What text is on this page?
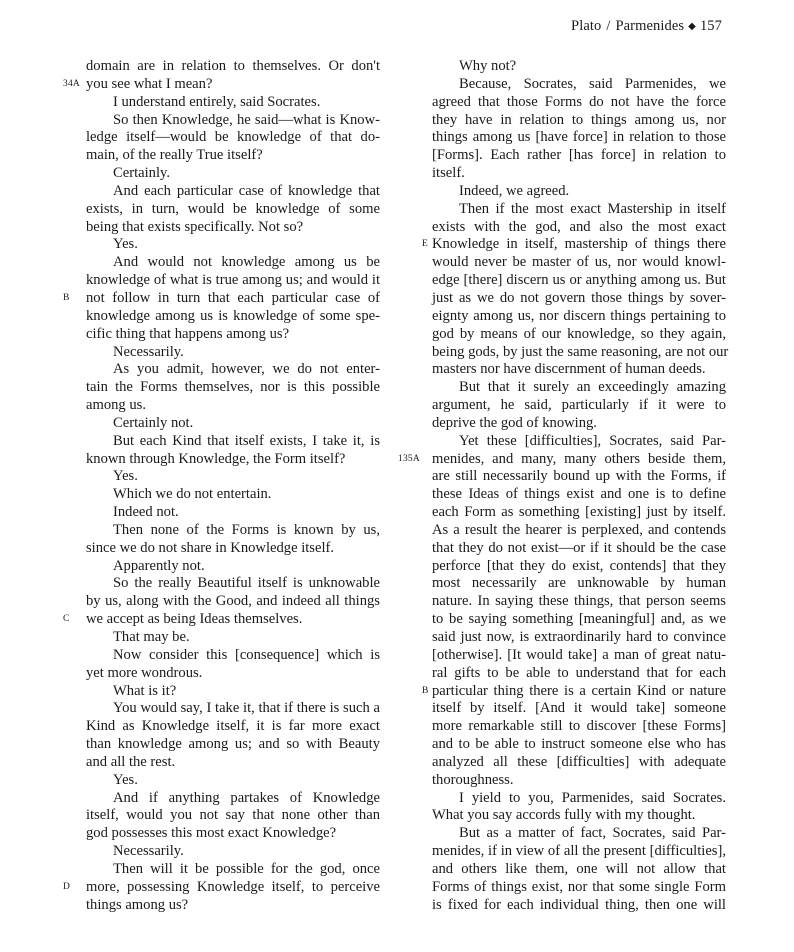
Plato / Parmenides ◆ 157
domain are in relation to themselves. Or don't
34A you see what I mean?
I understand entirely, said Socrates.
So then Knowledge, he said—what is Know-
ledge itself—would be knowledge of that do-
main, of the really True itself?
Certainly.
And each particular case of knowledge that
exists, in turn, would be knowledge of some
being that exists specifically. Not so?
Yes.
And would not knowledge among us be
knowledge of what is true among us; and would it
B not follow in turn that each particular case of
knowledge among us is knowledge of some spe-
cific thing that happens among us?
Necessarily.
As you admit, however, we do not enter-
tain the Forms themselves, nor is this possible
among us.
Certainly not.
But each Kind that itself exists, I take it, is
known through Knowledge, the Form itself?
Yes.
Which we do not entertain.
Indeed not.
Then none of the Forms is known by us,
since we do not share in Knowledge itself.
Apparently not.
So the really Beautiful itself is unknowable
by us, along with the Good, and indeed all things
C we accept as being Ideas themselves.
That may be.
Now consider this [consequence] which is
yet more wondrous.
What is it?
You would say, I take it, that if there is such a
Kind as Knowledge itself, it is far more exact
than knowledge among us; and so with Beauty
and all the rest.
Yes.
And if anything partakes of Knowledge
itself, would you not say that none other than
god possesses this most exact Knowledge?
Necessarily.
Then will it be possible for the god, once
D more, possessing Knowledge itself, to perceive
things among us?
Why not?
Because, Socrates, said Parmenides, we
agreed that those Forms do not have the force
they have in relation to things among us, nor
things among us [have force] in relation to those
[Forms]. Each rather [has force] in relation to
itself.
Indeed, we agreed.
Then if the most exact Mastership in itself
exists with the god, and also the most exact
E Knowledge in itself, mastership of things there
would never be master of us, nor would knowl-
edge [there] discern us or anything among us. But
just as we do not govern those things by sover-
eignty among us, nor discern things pertaining to
god by means of our knowledge, so they again,
being gods, by just the same reasoning, are not our
masters nor have discernment of human deeds.
But that it surely an exceedingly amazing
argument, he said, particularly if it were to
deprive the god of knowing.
Yet these [difficulties], Socrates, said Par-
135A menides, and many, many others beside them,
are still necessarily bound up with the Forms, if
these Ideas of things exist and one is to define
each Form as something [existing] just by itself.
As a result the hearer is perplexed, and contends
that they do not exist—or if it should be the case
perforce [that they do exist, contends] that they
most necessarily are unknowable by human
nature. In saying these things, that person seems
to be saying something [meaningful] and, as we
said just now, is extraordinarily hard to convince
[otherwise]. [It would take] a man of great natu-
ral gifts to be able to understand that for each
B particular thing there is a certain Kind or nature
itself by itself. [And it would take] someone
more remarkable still to discover [these Forms]
and to be able to instruct someone else who has
analyzed all these [difficulties] with adequate
thoroughness.
I yield to you, Parmenides, said Socrates.
What you say accords fully with my thought.
But as a matter of fact, Socrates, said Par-
menides, if in view of all the present [difficulties],
and others like them, one will not allow that
Forms of things exist, nor that some single Form
is fixed for each individual thing, then one will
